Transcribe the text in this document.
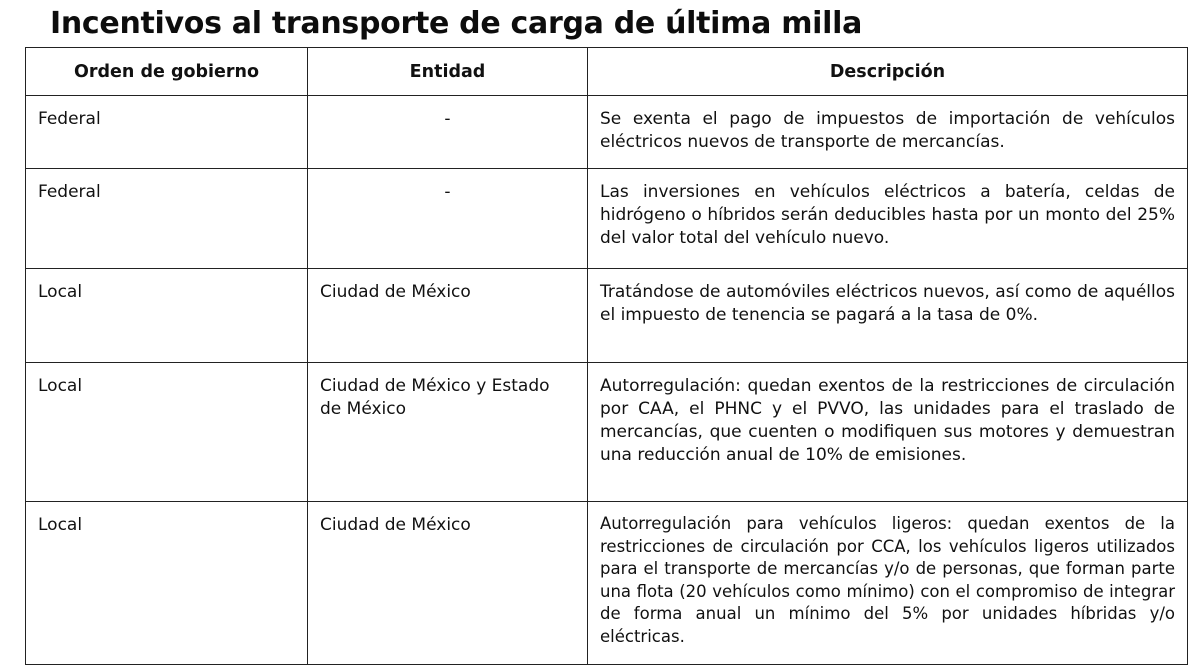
Incentivos al transporte de carga de última milla
Orden de gobierno	Entidad	Descripción
Federal	-	Se exenta el pago de impuestos de importación de vehículos eléctricos nuevos de transporte de mercancías.
Federal	-	Las inversiones en vehículos eléctricos a batería, celdas de hidrógeno o híbridos serán deducibles hasta por un monto del 25% del valor total del vehículo nuevo.
Local	Ciudad de México	Tratándose de automóviles eléctricos nuevos, así como de aquéllos el impuesto de tenencia se pagará a la tasa de 0%.
Local	Ciudad de México y Estado de México	Autorregulación: quedan exentos de la restricciones de circulación por CAA, el PHNC y el PVVO, las unidades para el traslado de mercancías, que cuenten o modifiquen sus motores y demuestran una reducción anual de 10% de emisiones.
Local	Ciudad de México	Autorregulación para vehículos ligeros: quedan exentos de la restricciones de circulación por CCA, los vehículos ligeros utilizados para el transporte de mercancías y/o de personas, que forman parte una flota (20 vehículos como mínimo) con el compromiso de integrar de forma anual un mínimo del 5% por unidades híbridas y/o eléctricas.
